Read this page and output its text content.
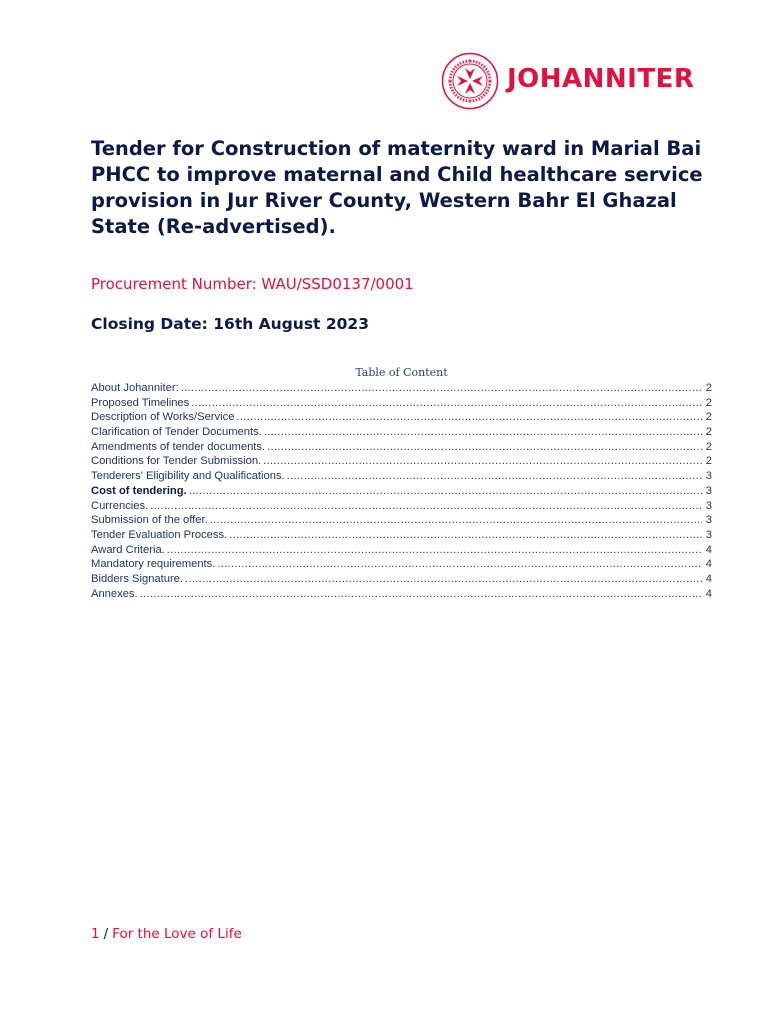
JOHANNITER
Tender for Construction of maternity ward in Marial Bai PHCC to improve maternal and Child healthcare service provision in Jur River County, Western Bahr El Ghazal State (Re-advertised).
Procurement Number: WAU/SSD0137/0001
Closing Date: 16th August 2023
Table of Content
About Johanniter: .....	2
Proposed Timelines .....	2
Description of Works/Service .....	2
Clarification of Tender Documents. .....	2
Amendments of tender documents. .....	2
Conditions for Tender Submission. .....	2
Tenderers' Eligibility and Qualifications. .....	3
Cost of tendering. .....	3
Currencies. .....	3
Submission of the offer. .....	3
Tender Evaluation Process. .....	3
Award Criteria. .....	4
Mandatory requirements. .....	4
Bidders Signature. .....	4
Annexes. .....	4
1 / For the Love of Life
